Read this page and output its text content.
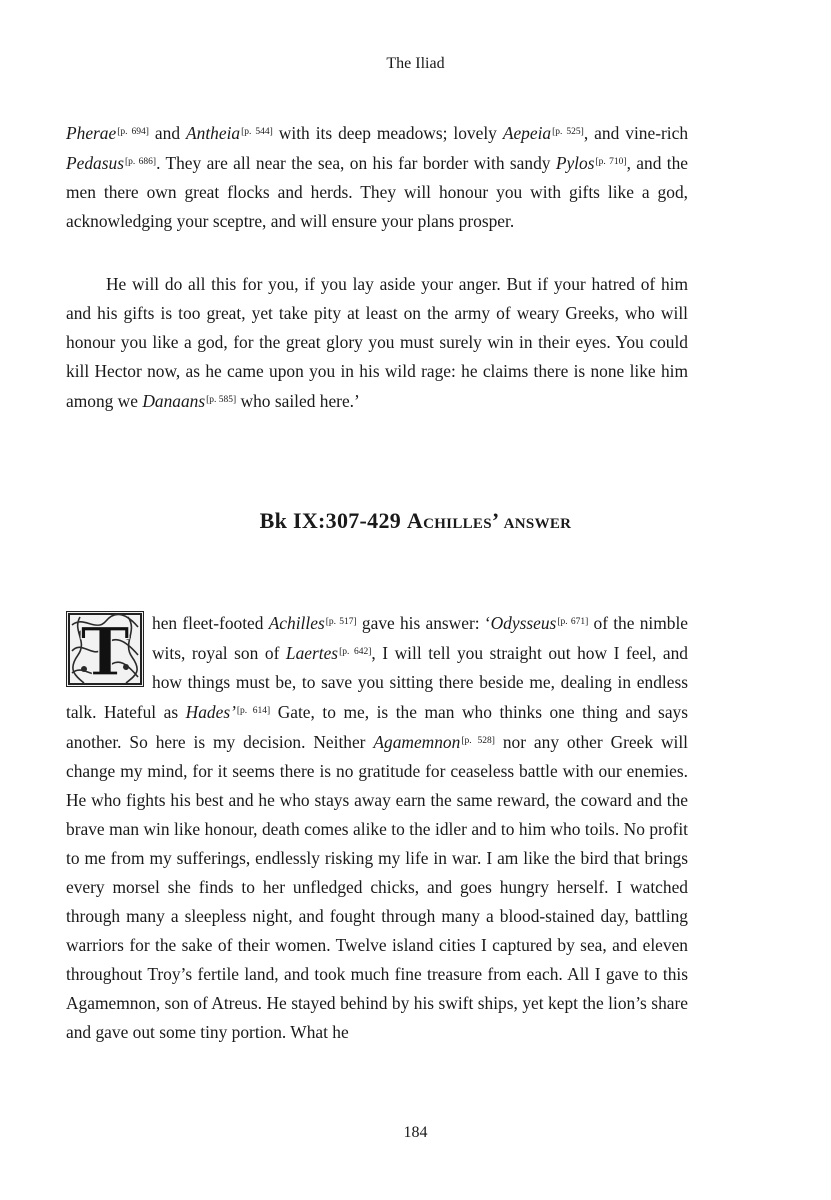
The Iliad

Pherae[p. 694] and Antheia[p. 544] with its deep meadows; lovely Aepeia[p. 525], and vine-rich Pedasus[p. 686]. They are all near the sea, on his far border with sandy Pylos[p. 710], and the men there own great flocks and herds. They will honour you with gifts like a god, acknowledging your sceptre, and will ensure your plans prosper.

He will do all this for you, if you lay aside your anger. But if your hatred of him and his gifts is too great, yet take pity at least on the army of weary Greeks, who will honour you like a god, for the great glory you must surely win in their eyes. You could kill Hector now, as he came upon you in his wild rage: he claims there is none like him among we Danaans[p. 585] who sailed here.’

Bk IX:307-429 Achilles’ answer
T	hen fleet-footed Achilles[p. 517] gave his answer: ‘Odysseus[p. 671] of the nimble wits, royal son of Laertes[p. 642], I will tell you straight out how I feel, and how things must be, to save you sitting there beside me, dealing in endless talk. Hateful as Hades’[p. 614] Gate, to me, is the man who thinks one thing and says another. So here is my decision. Neither Agamemnon[p. 528] nor any other Greek will change my mind, for it seems there is no gratitude for ceaseless battle with our enemies. He who fights his best and he who stays away earn the same reward, the coward and the brave man win like honour, death comes alike to the idler and to him who toils. No profit to me from my sufferings, endlessly risking my life in war. I am like the bird that brings every morsel she finds to her unfledged chicks, and goes hungry herself. I watched through many a sleepless night, and fought through many a blood-stained day, battling warriors for the sake of their women. Twelve island cities I captured by sea, and eleven throughout Troy’s fertile land, and took much fine treasure from each. All I gave to this Agamemnon, son of Atreus. He stayed behind by his swift ships, yet kept the lion’s share and gave out some tiny portion. What he

184
